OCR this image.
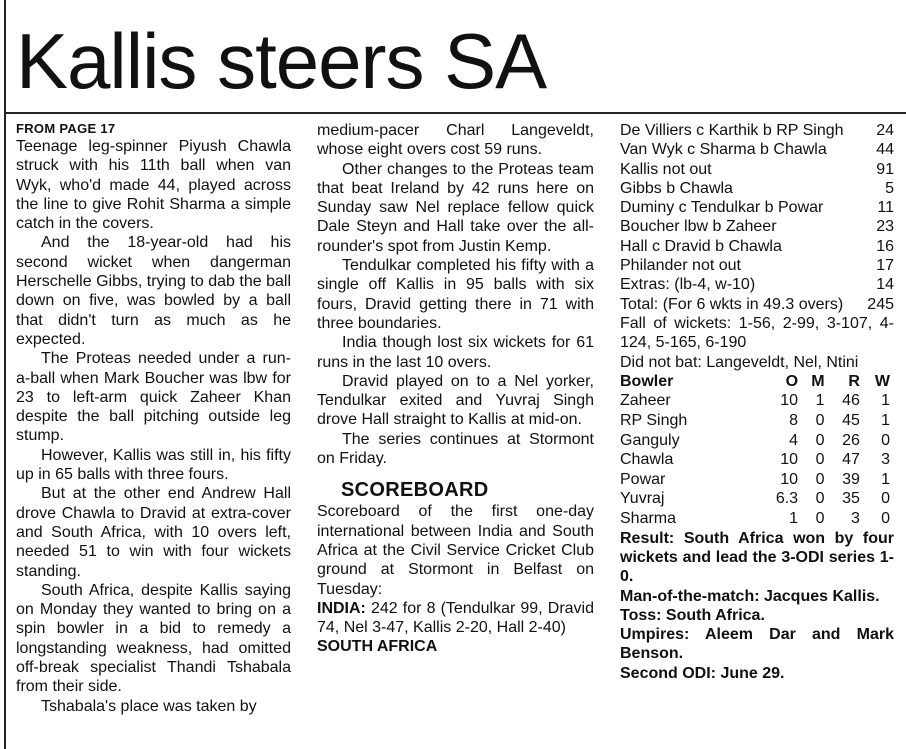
Kallis steers SA
FROM PAGE 17

Teenage leg-spinner Piyush Chawla struck with his 11th ball when van Wyk, who'd made 44, played across the line to give Rohit Sharma a simple catch in the covers.

And the 18-year-old had his second wicket when dangerman Herschelle Gibbs, trying to dab the ball down on five, was bowled by a ball that didn't turn as much as he expected.

The Proteas needed under a run-a-ball when Mark Boucher was lbw for 23 to left-arm quick Zaheer Khan despite the ball pitching outside leg stump.

However, Kallis was still in, his fifty up in 65 balls with three fours.

But at the other end Andrew Hall drove Chawla to Dravid at extra-cover and South Africa, with 10 overs left, needed 51 to win with four wickets standing.

South Africa, despite Kallis saying on Monday they wanted to bring on a spin bowler in a bid to remedy a longstanding weakness, had omitted off-break specialist Thandi Tshabala from their side.

Tshabala's place was taken by

medium-pacer Charl Langeveldt, whose eight overs cost 59 runs.

Other changes to the Proteas team that beat Ireland by 42 runs here on Sunday saw Nel replace fellow quick Dale Steyn and Hall take over the all-rounder's spot from Justin Kemp.

Tendulkar completed his fifty with a single off Kallis in 95 balls with six fours, Dravid getting there in 71 with three boundaries.

India though lost six wickets for 61 runs in the last 10 overs.

Dravid played on to a Nel yorker, Tendulkar exited and Yuvraj Singh drove Hall straight to Kallis at mid-on.

The series continues at Stormont on Friday.

SCOREBOARD

Scoreboard of the first one-day international between India and South Africa at the Civil Service Cricket Club ground at Stormont in Belfast on Tuesday:

INDIA: 242 for 8 (Tendulkar 99, Dravid 74, Nel 3-47, Kallis 2-20, Hall 2-40)

SOUTH AFRICA

De Villiers c Karthik b RP Singh 24
Van Wyk c Sharma b Chawla	44
Kallis not out	91
Gibbs b Chawla	5
Duminy c Tendulkar b Powar	11
Boucher lbw b Zaheer	23
Hall c Dravid b Chawla	16
Philander not out	17
Extras: (lb-4, w-10)	14
Total: (For 6 wkts in 49.3 overs) 245

Fall of wickets: 1-56, 2-99, 3-107, 4-124, 5-165, 6-190

Did not bat: Langeveldt, Nel, Ntini

Bowler	O	M	R	W
Zaheer	10	1	46	1
RP Singh	8	0	45	1
Ganguly	4	0	26	0
Chawla	10	0	47	3
Powar	10	0	39	1
Yuvraj	6.3	0	35	0
Sharma	1	0	3	0

Result: South Africa won by four wickets and lead the 3-ODI series 1-0.

Man-of-the-match: Jacques Kallis.

Toss: South Africa.

Umpires: Aleem Dar and Mark Benson.

Second ODI: June 29.
